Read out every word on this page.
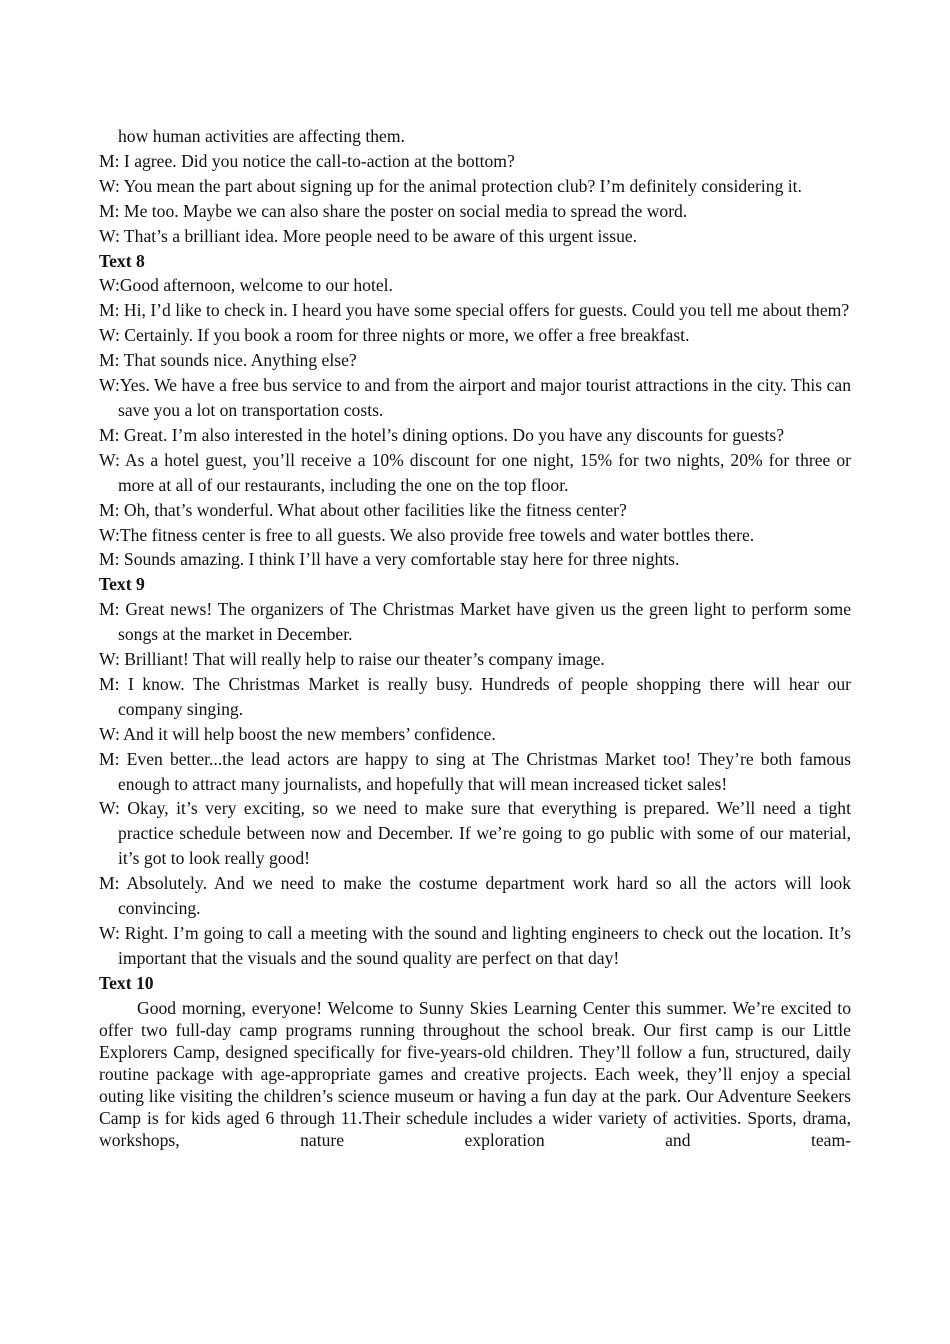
how human activities are affecting them.
M: I agree. Did you notice the call-to-action at the bottom?
W: You mean the part about signing up for the animal protection club? I’m definitely considering it.
M: Me too. Maybe we can also share the poster on social media to spread the word.
W: That’s a brilliant idea. More people need to be aware of this urgent issue.
Text 8
W:Good afternoon, welcome to our hotel.
M: Hi, I’d like to check in. I heard you have some special offers for guests. Could you tell me about them?
W: Certainly. If you book a room for three nights or more, we offer a free breakfast.
M: That sounds nice. Anything else?
W:Yes. We have a free bus service to and from the airport and major tourist attractions in the city. This can save you a lot on transportation costs.
M: Great. I’m also interested in the hotel’s dining options. Do you have any discounts for guests?
W: As a hotel guest, you’ll receive a 10% discount for one night, 15% for two nights, 20% for three or more at all of our restaurants, including the one on the top floor.
M: Oh, that’s wonderful. What about other facilities like the fitness center?
W:The fitness center is free to all guests. We also provide free towels and water bottles there.
M: Sounds amazing. I think I’ll have a very comfortable stay here for three nights.
Text 9
M: Great news! The organizers of The Christmas Market have given us the green light to perform some songs at the market in December.
W: Brilliant! That will really help to raise our theater’s company image.
M: I know. The Christmas Market is really busy. Hundreds of people shopping there will hear our company singing.
W: And it will help boost the new members’ confidence.
M: Even better...the lead actors are happy to sing at The Christmas Market too! They’re both famous enough to attract many journalists, and hopefully that will mean increased ticket sales!
W: Okay, it’s very exciting, so we need to make sure that everything is prepared. We’ll need a tight practice schedule between now and December. If we’re going to go public with some of our material, it’s got to look really good!
M: Absolutely. And we need to make the costume department work hard so all the actors will look convincing.
W: Right. I’m going to call a meeting with the sound and lighting engineers to check out the location. It’s important that the visuals and the sound quality are perfect on that day!
Text 10
Good morning, everyone! Welcome to Sunny Skies Learning Center this summer. We’re excited to offer two full-day camp programs running throughout the school break. Our first camp is our Little Explorers Camp, designed specifically for five-years-old children. They’ll follow a fun, structured, daily routine package with age-appropriate games and creative projects. Each week, they’ll enjoy a special outing like visiting the children’s science museum or having a fun day at the park. Our Adventure Seekers Camp is for kids aged 6 through 11.Their schedule includes a wider variety of activities. Sports, drama, workshops, nature exploration and team-
